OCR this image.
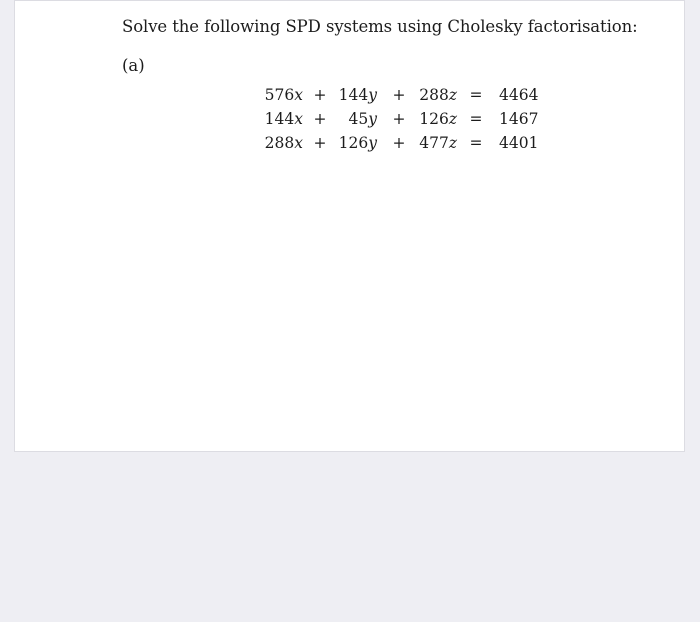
Solve the following SPD systems using Cholesky factorisation:
(a)
576x + 144y + 288z = 4464
144x +	45y + 126z = 1467
288x + 126y + 477z = 4401
